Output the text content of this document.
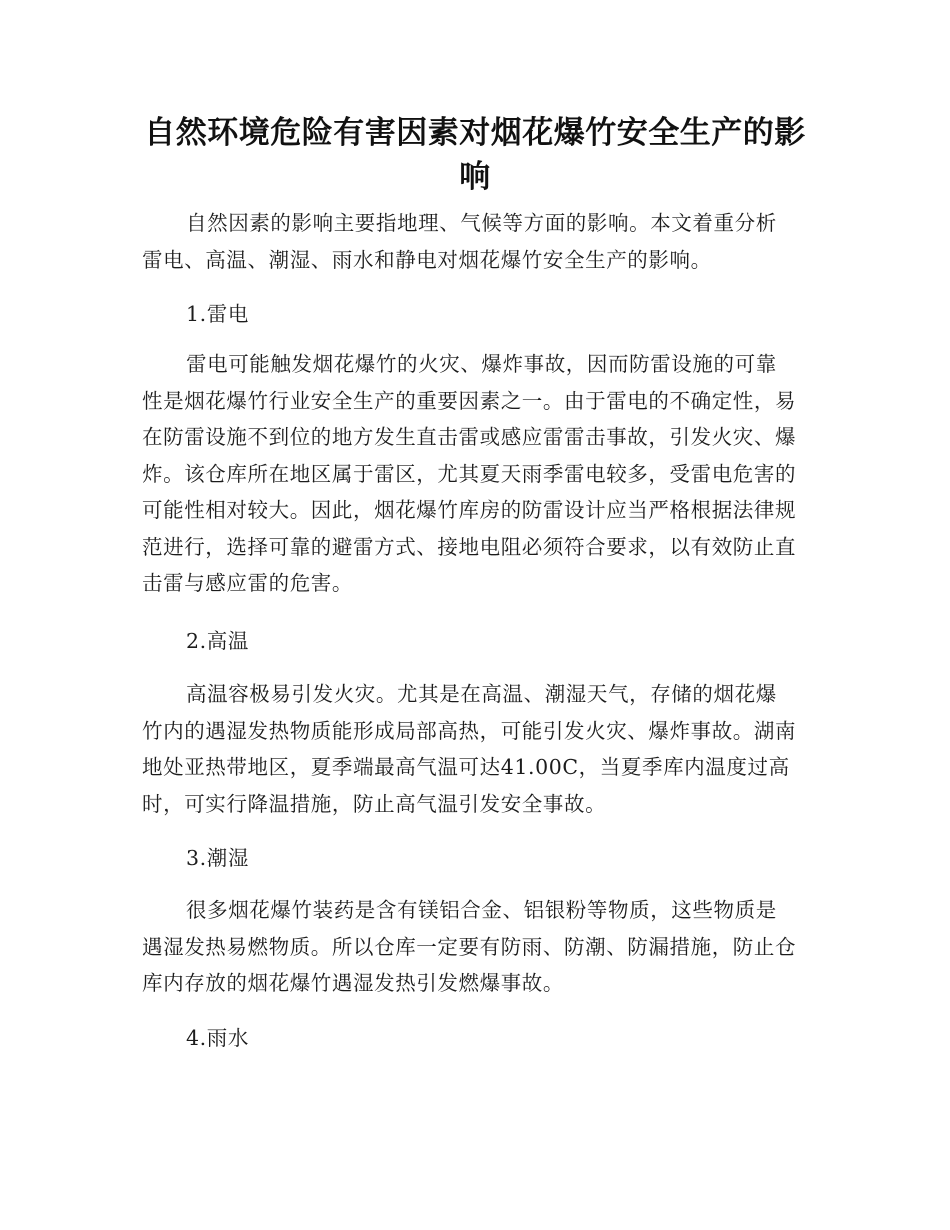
自然环境危险有害因素对烟花爆竹安全生产的影响

自然因素的影响主要指地理、气候等方面的影响。本文着重分析雷电、高温、潮湿、雨水和静电对烟花爆竹安全生产的影响。

1.雷电

雷电可能触发烟花爆竹的火灾、爆炸事故，因而防雷设施的可靠性是烟花爆竹行业安全生产的重要因素之一。由于雷电的不确定性，易在防雷设施不到位的地方发生直击雷或感应雷雷击事故，引发火灾、爆炸。该仓库所在地区属于雷区，尤其夏天雨季雷电较多，受雷电危害的可能性相对较大。因此，烟花爆竹库房的防雷设计应当严格根据法律规范进行，选择可靠的避雷方式、接地电阻必须符合要求，以有效防止直击雷与感应雷的危害。

2.高温

高温容极易引发火灾。尤其是在高温、潮湿天气，存储的烟花爆竹内的遇湿发热物质能形成局部高热，可能引发火灾、爆炸事故。湖南地处亚热带地区，夏季端最高气温可达41.00C，当夏季库内温度过高时，可实行降温措施，防止高气温引发安全事故。

3.潮湿

很多烟花爆竹装药是含有镁铝合金、铝银粉等物质，这些物质是遇湿发热易燃物质。所以仓库一定要有防雨、防潮、防漏措施，防止仓库内存放的烟花爆竹遇湿发热引发燃爆事故。

4.雨水
